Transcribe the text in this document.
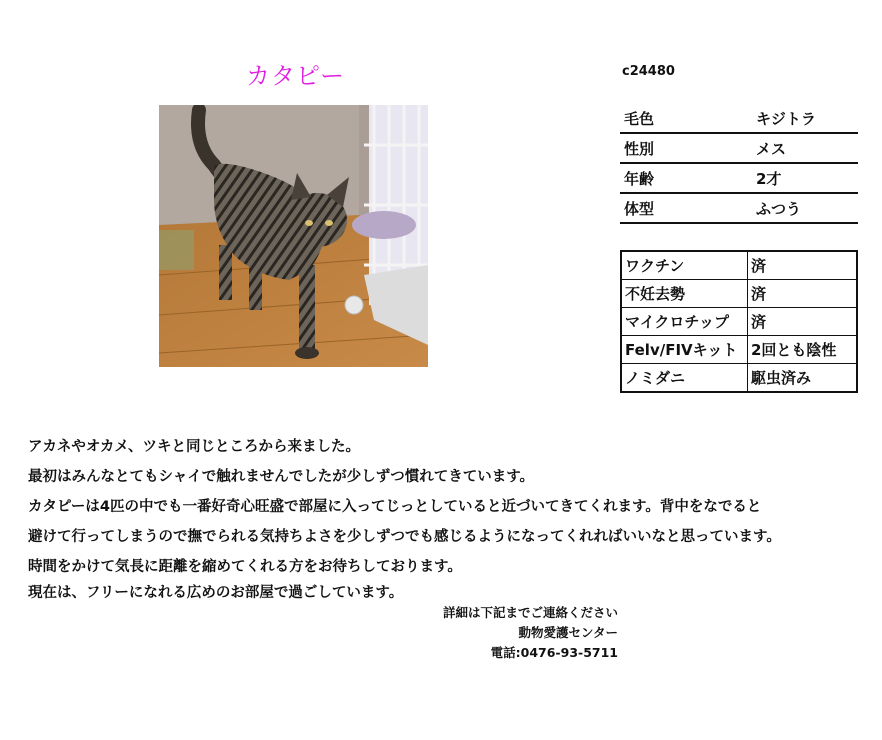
カタピー	c24480
毛色	キジトラ
性別	メス
年齢	2才
体型	ふつう
ワクチン	済
不妊去勢	済
マイクロチップ	済
Felv/FIVキット	2回とも陰性
ノミダニ	駆虫済み

アカネやオカメ、ツキと同じところから来ました。

最初はみんなとてもシャイで触れませんでしたが少しずつ慣れてきています。

カタピーは4匹の中でも一番好奇心旺盛で部屋に入ってじっとしていると近づいてきてくれます。背中をなでると

避けて行ってしまうので撫でられる気持ちよさを少しずつでも感じるようになってくれればいいなと思っています。

時間をかけて気長に距離を縮めてくれる方をお待ちしております。

現在は、フリーになれる広めのお部屋で過ごしています。

詳細は下記までご連絡ください
動物愛護センター
電話:0476-93-5711
